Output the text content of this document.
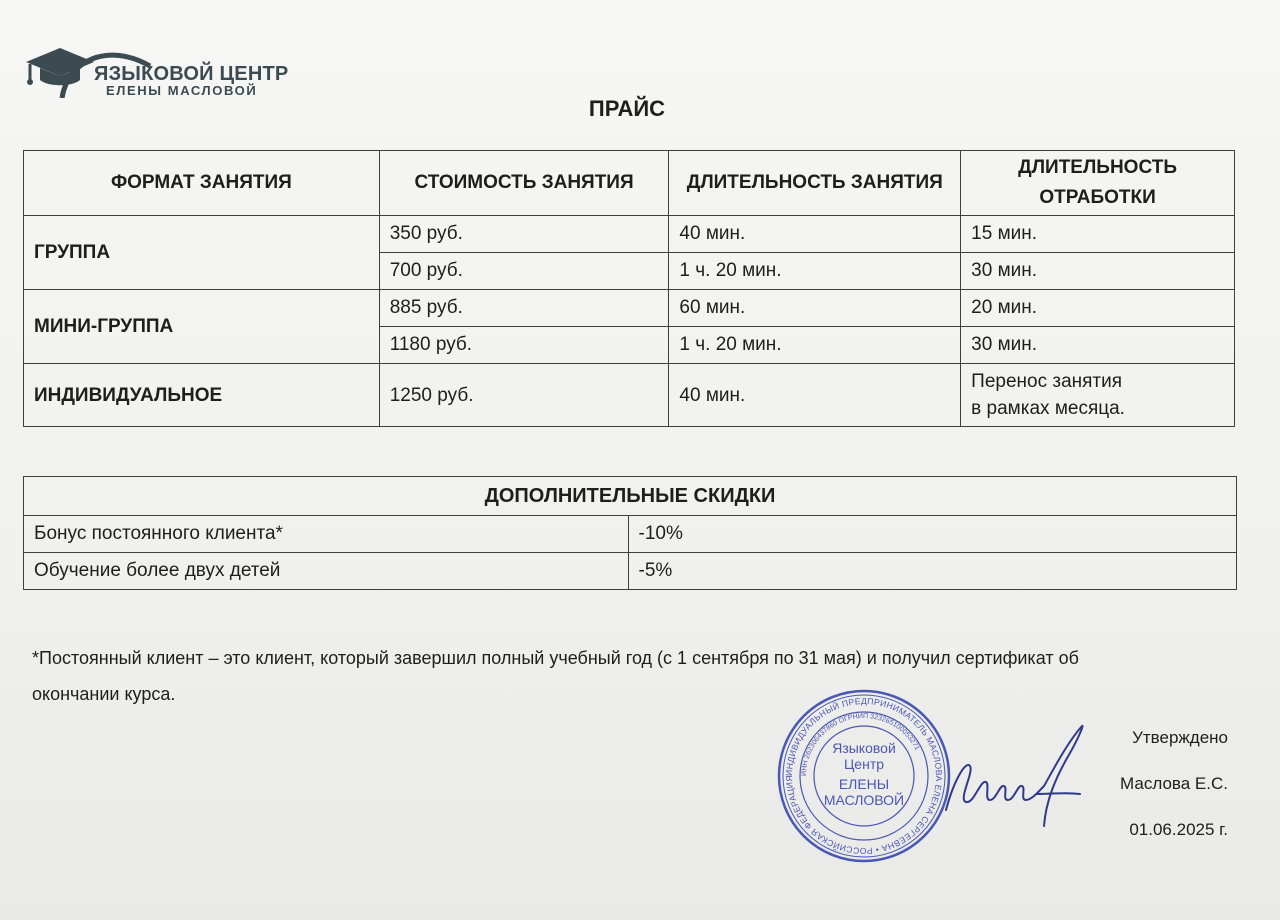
ЯЗЫКОВОЙ ЦЕНТР
ЕЛЕНЫ МАСЛОВОЙ
ПРАЙС
ФОРМАТ ЗАНЯТИЯ	СТОИМОСТЬ ЗАНЯТИЯ	ДЛИТЕЛЬНОСТЬ ЗАНЯТИЯ	ДЛИТЕЛЬНОСТЬ ОТРАБОТКИ
ГРУППА	350 руб.	40 мин.	15 мин.
	700 руб.	1 ч. 20 мин.	30 мин.
МИНИ-ГРУППА	885 руб.	60 мин.	20 мин.
	1180 руб.	1 ч. 20 мин.	30 мин.
ИНДИВИДУАЛЬНОЕ	1250 руб.	40 мин.	Перенос занятия
в рамках месяца.
ДОПОЛНИТЕЛЬНЫЕ СКИДКИ	
Бонус постоянного клиента*	-10%
Обучение более двух детей	-5%
*Постоянный клиент – это клиент, который завершил полный учебный год (с 1 сентября по 31 мая) и получил сертификат об окончании курса.
ИНДИВИДУАЛЬНЫЙ ПРЕДПРИНИМАТЕЛЬ МАСЛОВА ЕЛЕНА СЕРГЕЕВНА • РОССИЙСКАЯ ФЕДЕРАЦИЯ
ИНН 262306437860 ОГРНИП 323265100053271
Языковой
Центр
ЕЛЕНЫ
МАСЛОВОЙ
Утверждено
Маслова Е.С.
01.06.2025 г.
